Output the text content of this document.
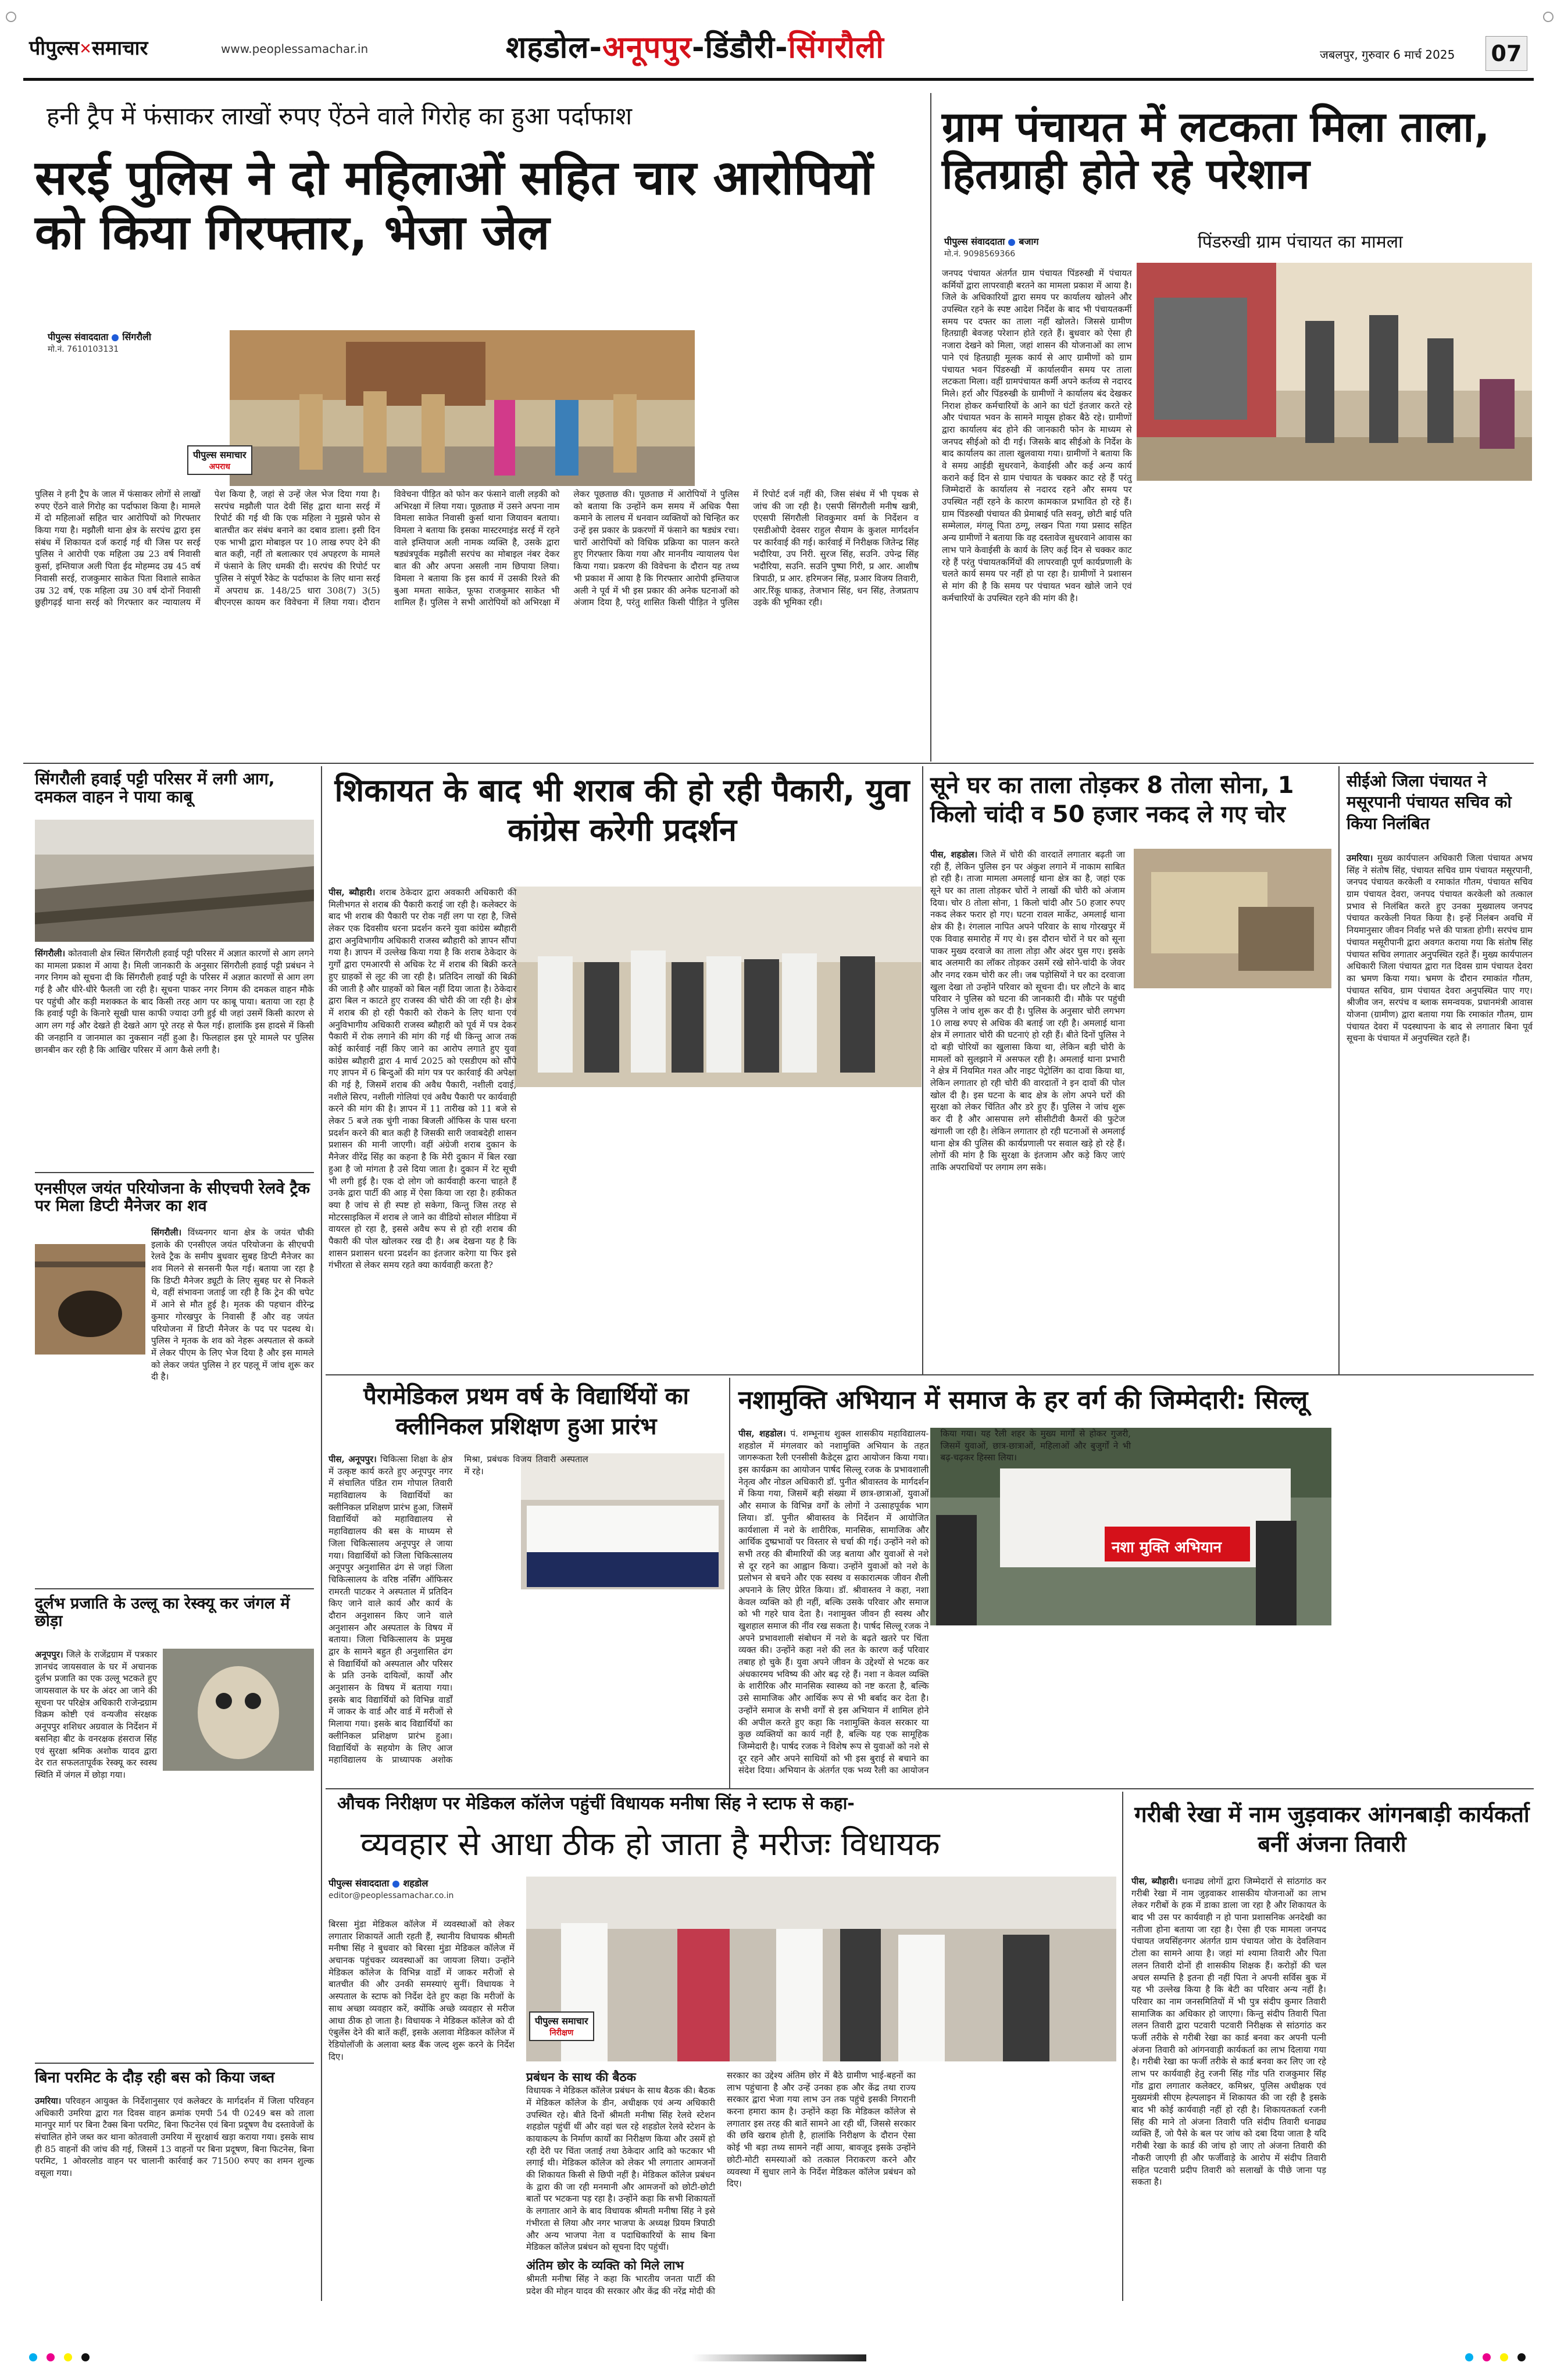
पीपुल्स✕समाचार	www.peoplessamachar.in	शहडोल-अनूपपुर-डिंडौरी-सिंगरौली	जबलपुर, गुरुवार 6 मार्च 2025 07
हनी ट्रैप में फंसाकर लाखों रुपए ऐंठने वाले गिरोह का हुआ पर्दाफाश
सरई पुलिस ने दो महिलाओं सहित चार आरोपियों को किया गिरफ्तार, भेजा जेल
पीपुल्स संवाददाता सिंगरौली
मो.नं. 7610103131
पीपुल्स समाचार
अपराध
पुलिस ने हनी ट्रैप के जाल में फंसाकर लोगों से लाखों रुपए ऐंठने वाले गिरोह का पर्दाफाश किया है। मामले में दो महिलाओं सहित चार आरोपियों को गिरफ्तार किया गया है। मझौली थाना क्षेत्र के सरपंच द्वारा इस संबंध में शिकायत दर्ज कराई गई थी जिस पर सरई पुलिस ने आरोपी एक महिला उम्र 23 वर्ष निवासी कुर्सा, इम्तियाज अली पिता ईद मोहम्मद उम्र 45 वर्ष निवासी सरई, राजकुमार साकेत पिता विशाले साकेत उम्र 32 वर्ष, एक महिला उम्र 30 वर्ष दोनों निवासी छुहीगढ़ई थाना सरई को गिरफ्तार कर न्यायालय में पेश किया है, जहां से उन्हें जेल भेज दिया गया है। सरपंच मझौली पात देवी सिंह द्वारा थाना सरई में रिपोर्ट की गई थी कि एक महिला ने मुझसे फोन से बातचीत कर संबंध बनाने का दबाव डाला। इसी दिन एक भाभी द्वारा मोबाइल पर 10 लाख रुपए देने की बात कही, नहीं तो बलात्कार एवं अपहरण के मामले में फंसाने के लिए धमकी दी। सरपंच की रिपोर्ट पर पुलिस ने संपूर्ण रैकेट के पर्दाफाश के लिए थाना सरई में अपराध क्र. 148/25 धारा 308(7) 3(5) बीएनएस कायम कर विवेचना में लिया गया। दौरान विवेचना पीड़ित को फोन कर फंसाने वाली लड़की को अभिरक्षा में लिया गया। पूछताछ में उसने अपना नाम विमला साकेत निवासी कुर्सा थाना जियावन बताया। विमला ने बताया कि इसका मास्टरमाइंड सरई में रहने वाले इम्तियाज अली नामक व्यक्ति है, उसके द्वारा षड्यंत्रपूर्वक मझौली सरपंच का मोबाइल नंबर देकर बात की और अपना असली नाम छिपाया लिया। विमला ने बताया कि इस कार्य में उसकी रिश्ते की बुआ ममता साकेत, फूफा राजकुमार साकेत भी शामिल हैं। पुलिस ने सभी आरोपियों को अभिरक्षा में लेकर पूछताछ की। पूछताछ में आरोपियों ने पुलिस को बताया कि उन्होंने कम समय में अधिक पैसा कमाने के लालच में धनवान व्यक्तियों को चिन्हित कर उन्हें इस प्रकार के प्रकरणों में फंसाने का षड्यंत्र रचा। चारों आरोपियों को विधिक प्रक्रिया का पालन करते हुए गिरफ्तार किया गया और माननीय न्यायालय पेश किया गया। प्रकरण की विवेचना के दौरान यह तथ्य भी प्रकाश में आया है कि गिरफ्तार आरोपी इम्तियाज अली ने पूर्व में भी इस प्रकार की अनेक घटनाओं को अंजाम दिया है, परंतु शासित किसी पीड़ित ने पुलिस में रिपोर्ट दर्ज नहीं की, जिस संबंध में भी पृथक से जांच की जा रही है। एसपी सिंगरौली मनीष खत्री, एएसपी सिंगरौली शिवकुमार वर्मा के निर्देशन व एसडीओपी देवसर राहुल सैयाम के कुशल मार्गदर्शन पर कार्रवाई की गई। कार्रवाई में निरीक्षक जितेन्द्र सिंह भदौरिया, उप निरी. सुरज सिंह, सउनि. उपेन्द्र सिंह भदौरिया, सउनि. सउनि पुष्पा गिरी, प्र आर. आशीष त्रिपाठी, प्र आर. हरिमजन सिंह, प्रआर विजय तिवारी, आर.रिंकू धाकड़, तेजभान सिंह, धन सिंह, तेजप्रताप उइके की भूमिका रही।
ग्राम पंचायत में लटकता मिला ताला, हितग्राही होते रहे परेशान
पिंडरुखी ग्राम पंचायत का मामला
पीपुल्स संवाददाता बजाग
मो.नं. 9098569366
जनपद पंचायत अंतर्गत ग्राम पंचायत पिंडरुखी में पंचायत कर्मियों द्वारा लापरवाही बरतने का मामला प्रकाश में आया है। जिले के अधिकारियों द्वारा समय पर कार्यालय खोलने और उपस्थित रहने के स्पष्ट आदेश निर्देश के बाद भी पंचायतकर्मी समय पर दफ्तर का ताला नहीं खोलते। जिससे ग्रामीण हितग्राही बेवजह परेशान होते रहते हैं। बुधवार को ऐसा ही नजारा देखने को मिला, जहां शासन की योजनाओं का लाभ पाने एवं हितग्राही मूलक कार्य से आए ग्रामीणों को ग्राम पंचायत भवन पिंडरुखी में कार्यालयीन समय पर ताला लटकता मिला। वहीं ग्रामपंचायत कर्मी अपने कर्तव्य से नदारद मिले। हर्रा और पिंडरुखी के ग्रामीणों ने कार्यालय बंद देखकर निराश होकर कर्मचारियों के आने का घंटों इंतजार करते रहे और पंचायत भवन के सामने मायूस होकर बैठे रहे। ग्रामीणों द्वारा कार्यालय बंद होने की जानकारी फोन के माध्यम से जनपद सीईओ को दी गई। जिसके बाद सीईओ के निर्देश के बाद कार्यालय का ताला खुलवाया गया। ग्रामीणों ने बताया कि वे समग्र आईडी सुधरवाने, केवाईसी और कई अन्य कार्य कराने कई दिन से ग्राम पंचायत के चक्कर काट रहे हैं परंतु जिम्मेदारों के कार्यालय से नदारद रहने और समय पर उपस्थित नहीं रहने के कारण कामकाज प्रभावित हो रहे हैं। ग्राम पिंडरुखी पंचायत की प्रेमाबाई पति सवनू, छोटी बाई पति सम्मेलाल, मंगलू पिता ठग्गू, लखन पिता गया प्रसाद सहित अन्य ग्रामीणों ने बताया कि वह दस्तावेज सुधरवाने आवास का लाभ पाने केवाईसी के कार्य के लिए कई दिन से चक्कर काट रहे हैं परंतु पंचायतकर्मियों की लापरवाही पूर्ण कार्यप्रणाली के चलते कार्य समय पर नहीं हो पा रहा है। ग्रामीणों ने प्रशासन से मांग की है कि समय पर पंचायत भवन खोले जाने एवं कर्मचारियों के उपस्थित रहने की मांग की है।
सिंगरौली हवाई पट्टी परिसर में लगी आग, दमकल वाहन ने पाया काबू

सिंगरौली। कोतवाली क्षेत्र स्थित सिंगरौली हवाई पट्टी परिसर में अज्ञात कारणों से आग लगने का मामला प्रकाश में आया है। मिली जानकारी के अनुसार सिंगरौली हवाई पट्टी प्रबंधन ने नगर निगम को सूचना दी कि सिंगरौली हवाई पट्टी के परिसर में अज्ञात कारणों से आग लग गई है और धीरे-धीरे फैलती जा रही है। सूचना पाकर नगर निगम की दमकल वाहन मौके पर पहुंची और कड़ी मशक्कत के बाद किसी तरह आग पर काबू पाया। बताया जा रहा है कि हवाई पट्टी के किनारे सूखी घास काफी ज्यादा उगी हुई थी जहां उसमें किसी कारण से आग लग गई और देखते ही देखते आग पूरे तरह से फैल गई। हालांकि इस हादसे में किसी की जनहानि व जानमाल का नुकसान नहीं हुआ है। फिलहाल इस पूरे मामले पर पुलिस छानबीन कर रही है कि आखिर परिसर में आग कैसे लगी है।

एनसीएल जयंत परियोजना के सीएचपी रेलवे ट्रैक पर मिला डिप्टी मैनेजर का शव

सिंगरौली। विंध्यनगर थाना क्षेत्र के जयंत चौकी इलाके की एनसीएल जयंत परियोजना के सीएचपी रेलवे ट्रैक के समीप बुधवार सुबह डिप्टी मैनेजर का शव मिलने से सनसनी फैल गई। बताया जा रहा है कि डिप्टी मैनेजर ड्यूटी के लिए सुबह घर से निकले थे, वहीं संभावना जताई जा रही है कि ट्रेन की चपेट में आने से मौत हुई है। मृतक की पहचान वीरेन्द्र कुमार गोरखपुर के निवासी हैं और वह जयंत परियोजना में डिप्टी मैनेजर के पद पर पदस्थ थे। पुलिस ने मृतक के शव को नेहरू अस्पताल से कब्जे में लेकर पीएम के लिए भेज दिया है और इस मामले को लेकर जयंत पुलिस ने हर पहलू में जांच शुरू कर दी है।

दुर्लभ प्रजाति के उल्लू का रेस्क्यू कर जंगल में छोड़ा

अनूपपुर। जिले के राजेंद्रग्राम में पत्रकार ज्ञानचंद जायसवाल के घर में अचानक दुर्लभ प्रजाति का एक उल्लू भटकते हुए जायसवाल के घर के अंदर आ जाने की सूचना पर परिक्षेत्र अधिकारी राजेन्द्रग्राम विक्रम कोष्टी एवं वन्यजीव संरक्षक अनूपपुर शशिधर अग्रवाल के निर्देशन में बसनिहा बीट के वनरक्षक हंसराज सिंह एवं सुरक्षा श्रमिक अशोक यादव द्वारा देर रात सफलतापूर्वक रेस्क्यू कर स्वस्थ स्थिति में जंगल में छोड़ा गया।

बिना परमिट के दौड़ रही बस को किया जब्त

उमरिया। परिवहन आयुक्त के निर्देशानुसार एवं कलेक्टर के मार्गदर्शन में जिला परिवहन अधिकारी उमरिया द्वारा गत दिवस वाहन क्रमांक एमपी 54 पी 0249 बस को ताला मानपुर मार्ग पर बिना टैक्स बिना परमिट, बिना फिटनेस एवं बिना प्रदूषण वैध दस्तावेजों के संचालित होने जब्त कर थाना कोतवाली उमरिया में सुरक्षार्थ खड़ा कराया गया। इसके साथ ही 85 वाहनों की जांच की गई, जिसमें 13 वाहनों पर बिना प्रदूषण, बिना फिटनेस, बिना परमिट, 1 ओवरलोड वाहन पर चालानी कार्रवाई कर 71500 रुपए का शमन शुल्क वसूला गया।

शिकायत के बाद भी शराब की हो रही पैकारी, युवा कांग्रेस करेगी प्रदर्शन

पीस, ब्यौहारी। शराब ठेकेदार द्वारा अवकारी अधिकारी की मिलीभगत से शराब की पैकारी कराई जा रही है। कलेक्टर के बाद भी शराब की पैकारी पर रोक नहीं लग पा रहा है, जिसे लेकर एक दिवसीय धरना प्रदर्शन करने युवा कांग्रेस ब्यौहारी द्वारा अनुविभागीय अधिकारी राजस्व ब्यौहारी को ज्ञापन सौंपा गया है। ज्ञापन में उल्लेख किया गया है कि शराब ठेकेदार के गुर्गों द्वारा एमआरपी से अधिक रेट में शराब की बिक्री करते हुए ग्राहकों से लूट की जा रही है। प्रतिदिन लाखों की बिक्री की जाती है और ग्राहकों को बिल नहीं दिया जाता है। ठेकेदार द्वारा बिल न काटते हुए राजस्व की चोरी की जा रही है। क्षेत्र में शराब की हो रही पैकारी को रोकने के लिए थाना एवं अनुविभागीय अधिकारी राजस्व ब्यौहारी को पूर्व में पत्र देकर पैकारी में रोक लगाने की मांग की गई थी किन्तु आज तक कोई कार्रवाई नहीं किए जाने का आरोप लगाते हुए युवा कांग्रेस ब्यौहारी द्वारा 4 मार्च 2025 को एसडीएम को सौंपे गए ज्ञापन में 6 बिन्दुओं की मांग पत्र पर कार्रवाई की अपेक्षा की गई है, जिसमें शराब की अवैध पैकारी, नशीली दवाई, नशीले सिरप, नशीली गोलियां एवं अवैध पैकारी पर कार्यवाही करने की मांग की है। ज्ञापन में 11 तारीख को 11 बजे से लेकर 5 बजे तक चुंगी नाका बिजली ऑफिस के पास धरना प्रदर्शन करने की बात कही है जिसकी सारी जवाबदेही शासन प्रशासन की मानी जाएगी। वहीं अंग्रेजी शराब दुकान के मैनेजर वीरेंद्र सिंह का कहना है कि मेरी दुकान में बिल रखा हुआ है जो मांगता है उसे दिया जाता है। दुकान में रेट सूची भी लगी हुई है। एक दो लोग जो कार्यवाही करना चाहते हैं उनके द्वारा पार्टी की आड़ में ऐसा किया जा रहा है। हकीकत क्या है जांच से ही स्पष्ट हो सकेगा, किन्तु जिस तरह से मोटरसाइकिल में शराब ले जाने का वीडियो सोशल मीडिया में वायरल हो रहा है, इससे अवैध रूप से हो रही शराब की पैकारी की पोल खोलकर रख दी है। अब देखना यह है कि शासन प्रशासन धरना प्रदर्शन का इंतजार करेगा या फिर इसे गंभीरता से लेकर समय रहते क्या कार्यवाही करता है?

सूने घर का ताला तोड़कर 8 तोला सोना, 1 किलो चांदी व 50 हजार नकद ले गए चोर

पीस, शहडोल। जिले में चोरी की वारदातें लगातार बढ़ती जा रही हैं, लेकिन पुलिस इन पर अंकुश लगाने में नाकाम साबित हो रही है। ताजा मामला अमलाई थाना क्षेत्र का है, जहां एक सूने घर का ताला तोड़कर चोरों ने लाखों की चोरी को अंजाम दिया। चोर 8 तोला सोना, 1 किलो चांदी और 50 हजार रुपए नकद लेकर फरार हो गए। घटना रावल मार्केट, अमलाई थाना क्षेत्र की है। रंगलाल नापित अपने परिवार के साथ गोरखपुर में एक विवाह समारोह में गए थे। इस दौरान चोरों ने घर को सूना पाकर मुख्य दरवाजे का ताला तोड़ा और अंदर घुस गए। इसके बाद अलमारी का लॉकर तोड़कर उसमें रखे सोने-चांदी के जेवर और नगद रकम चोरी कर ली। जब पड़ोसियों ने घर का दरवाजा खुला देखा तो उन्होंने परिवार को सूचना दी। घर लौटने के बाद परिवार ने पुलिस को घटना की जानकारी दी। मौके पर पहुंची पुलिस ने जांच शुरू कर दी है। पुलिस के अनुसार चोरी लगभग 10 लाख रुपए से अधिक की बताई जा रही है। अमलाई थाना क्षेत्र में लगातार चोरी की घटनाएं हो रही हैं। बीते दिनों पुलिस ने दो बड़ी चोरियों का खुलासा किया था, लेकिन बड़ी चोरी के मामलों को सुलझाने में असफल रही है। अमलाई थाना प्रभारी ने क्षेत्र में नियमित गश्त और नाइट पेट्रोलिंग का दावा किया था, लेकिन लगातार हो रही चोरी की वारदातों ने इन दावों की पोल खोल दी है। इस घटना के बाद क्षेत्र के लोग अपने घरों की सुरक्षा को लेकर चिंतित और डरे हुए हैं। पुलिस ने जांच शुरू कर दी है और आसपास लगे सीसीटीवी कैमरों की फुटेज खंगाली जा रही है। लेकिन लगातार हो रही घटनाओं से अमलाई थाना क्षेत्र की पुलिस की कार्यप्रणाली पर सवाल खड़े हो रहे हैं। लोगों की मांग है कि सुरक्षा के इंतजाम और कड़े किए जाएं ताकि अपराधियों पर लगाम लग सके।

सीईओ जिला पंचायत ने मसूरपानी पंचायत सचिव को किया निलंबित

उमरिया। मुख्य कार्यपालन अधिकारी जिला पंचायत अभय सिंह ने संतोष सिंह, पंचायत सचिव ग्राम पंचायत मसूरपानी, जनपद पंचायत करकेली व रमाकांत गौतम, पंचायत सचिव ग्राम पंचायत देवरा, जनपद पंचायत करकेली को तत्काल प्रभाव से निलंबित करते हुए उनका मुख्यालय जनपद पंचायत करकेली नियत किया है। इन्हें निलंबन अवधि में नियमानुसार जीवन निर्वाह भत्ते की पात्रता होगी। सरपंच ग्राम पंचायत मसूरीपानी द्वारा अवगत कराया गया कि संतोष सिंह पंचायत सचिव लगातार अनुपस्थित रहते हैं। मुख्य कार्यपालन अधिकारी जिला पंचायत द्वारा गत दिवस ग्राम पंचायत देवरा का भ्रमण किया गया। भ्रमण के दौरान रमाकांत गौतम, पंचायत सचिव, ग्राम पंचायत देवरा अनुपस्थित पाए गए। श्रीजीव जन, सरपंच व ब्लाक समन्वयक, प्रधानमंत्री आवास योजना (ग्रामीण) द्वारा बताया गया कि रमाकांत गौतम, ग्राम पंचायत देवरा में पदस्थापना के बाद से लगातार बिना पूर्व सूचना के पंचायत में अनुपस्थित रहते हैं।

पैरामेडिकल प्रथम वर्ष के विद्यार्थियों का क्लीनिकल प्रशिक्षण हुआ प्रारंभ

पीस, अनूपपुर। चिकित्सा शिक्षा के क्षेत्र में उत्कृष्ट कार्य करते हुए अनूपपुर नगर में संचालित पंडित राम गोपाल तिवारी महाविद्यालय के विद्यार्थियों का क्लीनिकल प्रशिक्षण प्रारंभ हुआ, जिसमें विद्यार्थियों को महाविद्यालय से महाविद्यालय की बस के माध्यम से जिला चिकित्सालय अनूपपुर ले जाया गया। विद्यार्थियों को जिला चिकित्सालय अनूपपुर अनुशासित ढंग से जहां जिला चिकित्सालय के वरिष्ठ नर्सिंग ऑफिसर रामरती पाटकर ने अस्पताल में प्रतिदिन किए जाने वाले कार्य और कार्य के दौरान अनुशासन किए जाने वाले अनुशासन और अस्पताल के विषय में बताया। जिला चिकित्सालय के प्रमुख द्वार के सामने बहुत ही अनुशासित ढंग से विद्यार्थियों को अस्पताल और परिसर के प्रति उनके दायित्वों, कार्यों और अनुशासन के विषय में बताया गया। इसके बाद विद्यार्थियों को विभिन्न वार्डों में जाकर के वार्ड और वार्ड में मरीजों से मिलाया गया। इसके बाद विद्यार्थियों का क्लीनिकल प्रशिक्षण प्रारंभ हुआ। विद्यार्थियों के सहयोग के लिए आज महाविद्यालय के प्राध्यापक अशोक मिश्रा, प्रबंधक विजय तिवारी अस्पताल में रहे।

नशामुक्ति अभियान में समाज के हर वर्ग की जिम्मेदारी: सिल्लू
नशा मुक्ति अभियान

पीस, शहडोल। पं. शम्भूनाथ शुक्ल शासकीय महाविद्यालय-शहडोल में मंगलवार को नशामुक्ति अभियान के तहत जागरूकता रैली एनसीसी कैडेट्स द्वारा आयोजन किया गया। इस कार्यक्रम का आयोजन पार्षद सिल्लू रजक के प्रभावशाली नेतृत्व और नोडल अधिकारी डॉ. पुनीत श्रीवास्तव के मार्गदर्शन में किया गया, जिसमें बड़ी संख्या में छात्र-छात्राओं, युवाओं और समाज के विभिन्न वर्गों के लोगों ने उत्साहपूर्वक भाग लिया। डॉ. पुनीत श्रीवास्तव के निर्देशन में आयोजित कार्यशाला में नशे के शारीरिक, मानसिक, सामाजिक और आर्थिक दुष्प्रभावों पर विस्तार से चर्चा की गई। उन्होंने नशे को सभी तरह की बीमारियों की जड़ बताया और युवाओं से नशे से दूर रहने का आह्वान किया। उन्होंने युवाओं को नशे के प्रलोभन से बचने और एक स्वस्थ व सकारात्मक जीवन शैली अपनाने के लिए प्रेरित किया। डॉ. श्रीवास्तव ने कहा, नशा केवल व्यक्ति को ही नहीं, बल्कि उसके परिवार और समाज को भी गहरे घाव देता है। नशामुक्त जीवन ही स्वस्थ और खुशहाल समाज की नींव रख सकता है। पार्षद सिल्लू रजक ने अपने प्रभावशाली संबोधन में नशे के बढ़ते खतरे पर चिंता व्यक्त की। उन्होंने कहा नशे की लत के कारण कई परिवार तबाह हो चुके हैं। युवा अपने जीवन के उद्देश्यों से भटक कर अंधकारमय भविष्य की ओर बढ़ रहे हैं। नशा न केवल व्यक्ति के शारीरिक और मानसिक स्वास्थ्य को नष्ट करता है, बल्कि उसे सामाजिक और आर्थिक रूप से भी बर्बाद कर देता है। उन्होंने समाज के सभी वर्गों से इस अभियान में शामिल होने की अपील करते हुए कहा कि नशामुक्ति केवल सरकार या कुछ व्यक्तियों का कार्य नहीं है, बल्कि यह एक सामूहिक जिम्मेदारी है। पार्षद रजक ने विशेष रूप से युवाओं को नशे से दूर रहने और अपने साथियों को भी इस बुराई से बचाने का संदेश दिया। अभियान के अंतर्गत एक भव्य रैली का आयोजन किया गया। यह रैली शहर के मुख्य मार्गों से होकर गुजरी, जिसमें युवाओं, छात्र-छात्राओं, महिलाओं और बुजुर्गों ने भी बढ़-चढ़कर हिस्सा लिया।

औचक निरीक्षण पर मेडिकल कॉलेज पहुंचीं विधायक मनीषा सिंह ने स्टाफ से कहा-
व्यवहार से आधा ठीक हो जाता है मरीजः विधायक
पीपुल्स संवाददाता शहडोल
editor@peoplessamachar.co.in
पीपुल्स समाचार
निरीक्षण
बिरसा मुंडा मेडिकल कॉलेज में व्यवस्थाओं को लेकर लगातार शिकायतें आती रहती हैं, स्थानीय विधायक श्रीमती मनीषा सिंह ने बुधवार को बिरसा मुंडा मेडिकल कॉलेज में अचानक पहुंचकर व्यवस्थाओं का जायजा लिया। उन्होंने मेडिकल कॉलेज के विभिन्न वार्डों में जाकर मरीजों से बातचीत की और उनकी समस्याएं सुनीं। विधायक ने अस्पताल के स्टाफ को निर्देश देते हुए कहा कि मरीजों के साथ अच्छा व्यवहार करें, क्योंकि अच्छे व्यवहार से मरीज आधा ठीक हो जाता है। विधायक ने मेडिकल कॉलेज को दी एंबुलेंस देने की बातें कहीं, इसके अलावा मेडिकल कॉलेज में रेडियोलॉजी के अलावा ब्लड बैंक जल्द शुरू करने के निर्देश दिए।

प्रबंधन के साथ की बैठक

विधायक ने मेडिकल कॉलेज प्रबंधन के साथ बैठक की। बैठक में मेडिकल कॉलेज के डीन, अधीक्षक एवं अन्य अधिकारी उपस्थित रहे। बीते दिनों श्रीमती मनीषा सिंह रेलवे स्टेशन शहडोल पहुंचीं थीं और वहां चल रहे शहडोल रेलवे स्टेशन के कायाकल्प के निर्माण कार्यों का निरीक्षण किया और उसमें हो रही देरी पर चिंता जताई तथा ठेकेदार आदि को फटकार भी लगाई थी। मेडिकल कॉलेज को लेकर भी लगातार आमजनों की शिकायत किसी से छिपी नहीं है। मेडिकल कॉलेज प्रबंधन के द्वारा की जा रही मनमानी और आमजनों को छोटी-छोटी बातों पर भटकना पड़ रहा है। उन्होंने कहा कि सभी शिकायतों के लगातार आने के बाद विधायक श्रीमती मनीषा सिंह ने इसे गंभीरता से लिया और नगर भाजपा के अध्यक्ष प्रियम त्रिपाठी और अन्य भाजपा नेता व पदाधिकारियों के साथ बिना मेडिकल कॉलेज प्रबंधन को सूचना दिए पहुंचीं।

अंतिम छोर के व्यक्ति को मिले लाभ

श्रीमती मनीषा सिंह ने कहा कि भारतीय जनता पार्टी की प्रदेश की मोहन यादव की सरकार और केंद्र की नरेंद्र मोदी की सरकार का उद्देश्य अंतिम छोर में बैठे ग्रामीण भाई-बहनों का लाभ पहुंचाना है और उन्हें उनका हक और केंद्र तथा राज्य सरकार द्वारा भेजा गया लाभ उन तक पहुंचे इसकी निगरानी करना हमारा काम है। उन्होंने कहा कि मेडिकल कॉलेज से लगातार इस तरह की बातें सामने आ रही थीं, जिससे सरकार की छवि खराब होती है, हालांकि निरीक्षण के दौरान ऐसा कोई भी बड़ा तथ्य सामने नहीं आया, बावजूद इसके उन्होंने छोटी-मोटी समस्याओं को तत्काल निराकरण करने और व्यवस्था में सुधार लाने के निर्देश मेडिकल कॉलेज प्रबंधन को दिए।

गरीबी रेखा में नाम जुड़वाकर आंगनबाड़ी कार्यकर्ता बनीं अंजना तिवारी

पीस, ब्यौहारी। धनाढ्य लोगों द्वारा जिम्मेदारों से सांठगांठ कर गरीबी रेखा में नाम जुड़वाकर शासकीय योजनाओं का लाभ लेकर गरीबों के हक में डाका डाला जा रहा है और शिकायत के बाद भी उस पर कार्यवाही न हो पाना प्रशासनिक अनदेखी का नतीजा होना बताया जा रहा है। ऐसा ही एक मामला जनपद पंचायत जयसिंहनगर अंतर्गत ग्राम पंचायत जोरा के देवलिवान टोला का सामने आया है। जहां मां श्यामा तिवारी और पिता ललन तिवारी दोनों ही शासकीय शिक्षक हैं। करोड़ों की चल अचल सम्पत्ति है इतना ही नहीं पिता ने अपनी सर्विस बुक में यह भी उल्लेख किया है कि बेटी का परिवार अन्य नहीं है। परिवार का नाम जनसमितियों में भी पुत्र संदीप कुमार तिवारी सामाजिक का अधिकार हो जाएगा। किन्तु संदीप तिवारी पिता ललन तिवारी द्वारा पटवारी पटवारी निरीक्षक से सांठगांठ कर फर्जी तरीके से गरीबी रेखा का कार्ड बनवा कर अपनी पत्नी अंजना तिवारी को आंगनवाड़ी कार्यकर्ता का लाभ दिलाया गया है। गरीबी रेखा का फर्जी तरीके से कार्ड बनवा कर लिए जा रहे लाभ पर कार्यवाही हेतु रजनी सिंह गोंड पति राजकुमार सिंह गोंड द्वारा लगातार कलेक्टर, कमिश्नर, पुलिस अधीक्षक एवं मुख्यमंत्री सीएम हेल्पलाइन में शिकायत की जा रही है इसके बाद भी कोई कार्यवाही नहीं हो रही है। शिकायतकर्ता रजनी सिंह की माने तो अंजना तिवारी पति संदीप तिवारी धनाढ्य व्यक्ति हैं, जो पैसे के बल पर जांच को दबा दिया जाता है यदि गरीबी रेखा के कार्ड की जांच हो जाए तो अंजना तिवारी की नौकरी जाएगी ही और फर्जीवाड़े के आरोप में संदीप तिवारी सहित पटवारी प्रदीप तिवारी को सलाखों के पीछे जाना पड़ सकता है।
